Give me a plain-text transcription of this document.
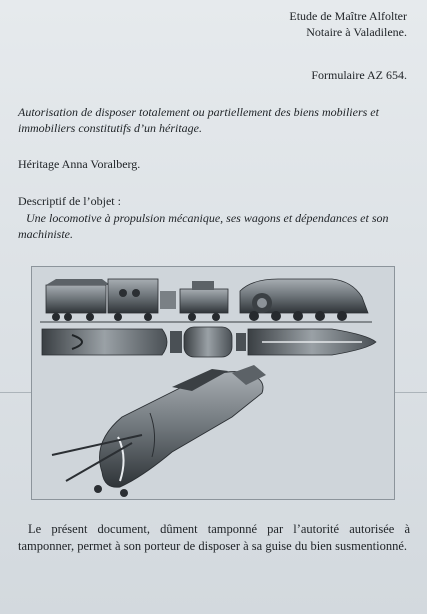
Etude de Maître Alfolter
Notaire à Valadilene.
Formulaire AZ 654.
Autorisation de disposer totalement ou partiellement des biens mobiliers et immobiliers constitutifs d’un héritage.
Héritage Anna Voralberg.
Descriptif de l’objet :
Une locomotive à propulsion mécanique, ses wagons et dépendances et son machiniste.
Le présent document, dûment tamponné par l’autorité autorisée à tamponner, permet à son porteur de disposer à sa guise du bien susmentionné.
